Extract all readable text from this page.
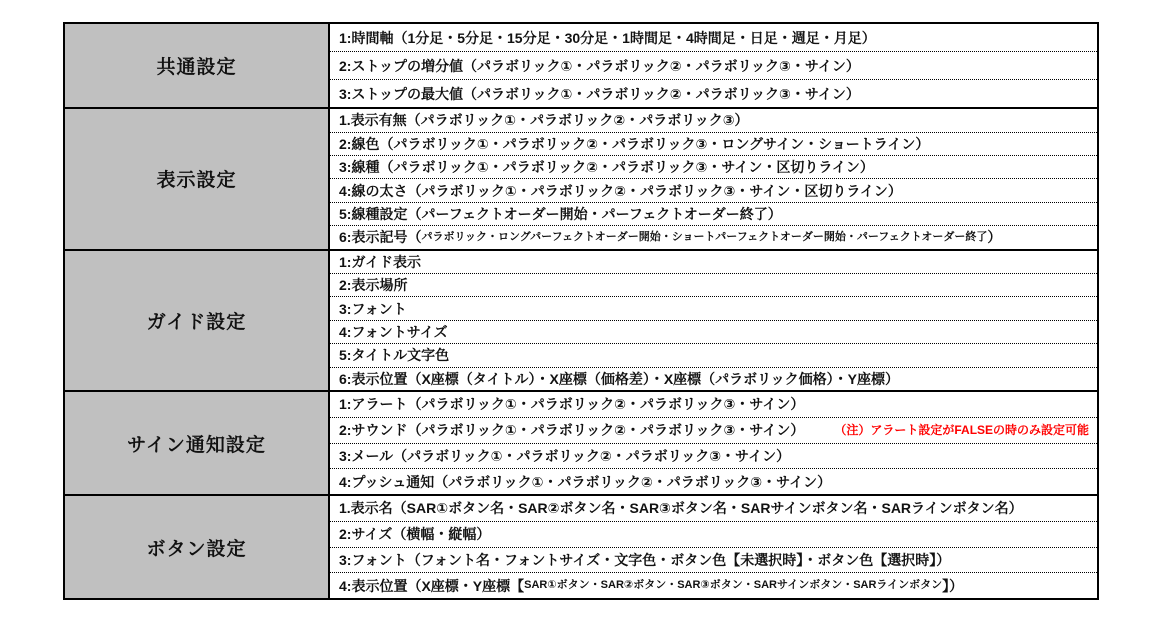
共通設定
1:時間軸（1分足・5分足・15分足・30分足・1時間足・4時間足・日足・週足・月足）
2:ストップの増分値（パラボリック①・パラボリック②・パラボリック③・サイン）
3:ストップの最大値（パラボリック①・パラボリック②・パラボリック③・サイン）
表示設定
1.表示有無（パラボリック①・パラボリック②・パラボリック③）
2:線色（パラボリック①・パラボリック②・パラボリック③・ロングサイン・ショートライン）
3:線種（パラボリック①・パラボリック②・パラボリック③・サイン・区切りライン）
4:線の太さ（パラボリック①・パラボリック②・パラボリック③・サイン・区切りライン）
5:線種設定（パーフェクトオーダー開始・パーフェクトオーダー終了）
6:表示記号（ パラボリック・ロングパーフェクトオーダー開始・ショートパーフェクトオーダー開始・パーフェクトオーダー終了 ）
ガイド設定
1:ガイド表示
2:表示場所
3:フォント
4:フォントサイズ
5:タイトル文字色
6:表示位置（X座標（タイトル）・X座標（価格差）・X座標（パラボリック価格）・Y座標）
サイン通知設定
1:アラート（パラボリック①・パラボリック②・パラボリック③・サイン）
2:サウンド（パラボリック①・パラボリック②・パラボリック③・サイン）	（注）アラート設定がFALSEの時のみ設定可能
3:メール（パラボリック①・パラボリック②・パラボリック③・サイン）
4:プッシュ通知（パラボリック①・パラボリック②・パラボリック③・サイン）
ボタン設定
1.表示名（SAR①ボタン名・SAR②ボタン名・SAR③ボタン名・SARサインボタン名・SARラインボタン名）
2:サイズ（横幅・縦幅）
3:フォント（フォント名・フォントサイズ・文字色・ボタン色【未選択時】・ボタン色【選択時】）
4:表示位置（X座標・Y座標【 SAR①ボタン・SAR②ボタン・SAR③ボタン・SARサインボタン・SARラインボタン 】）
